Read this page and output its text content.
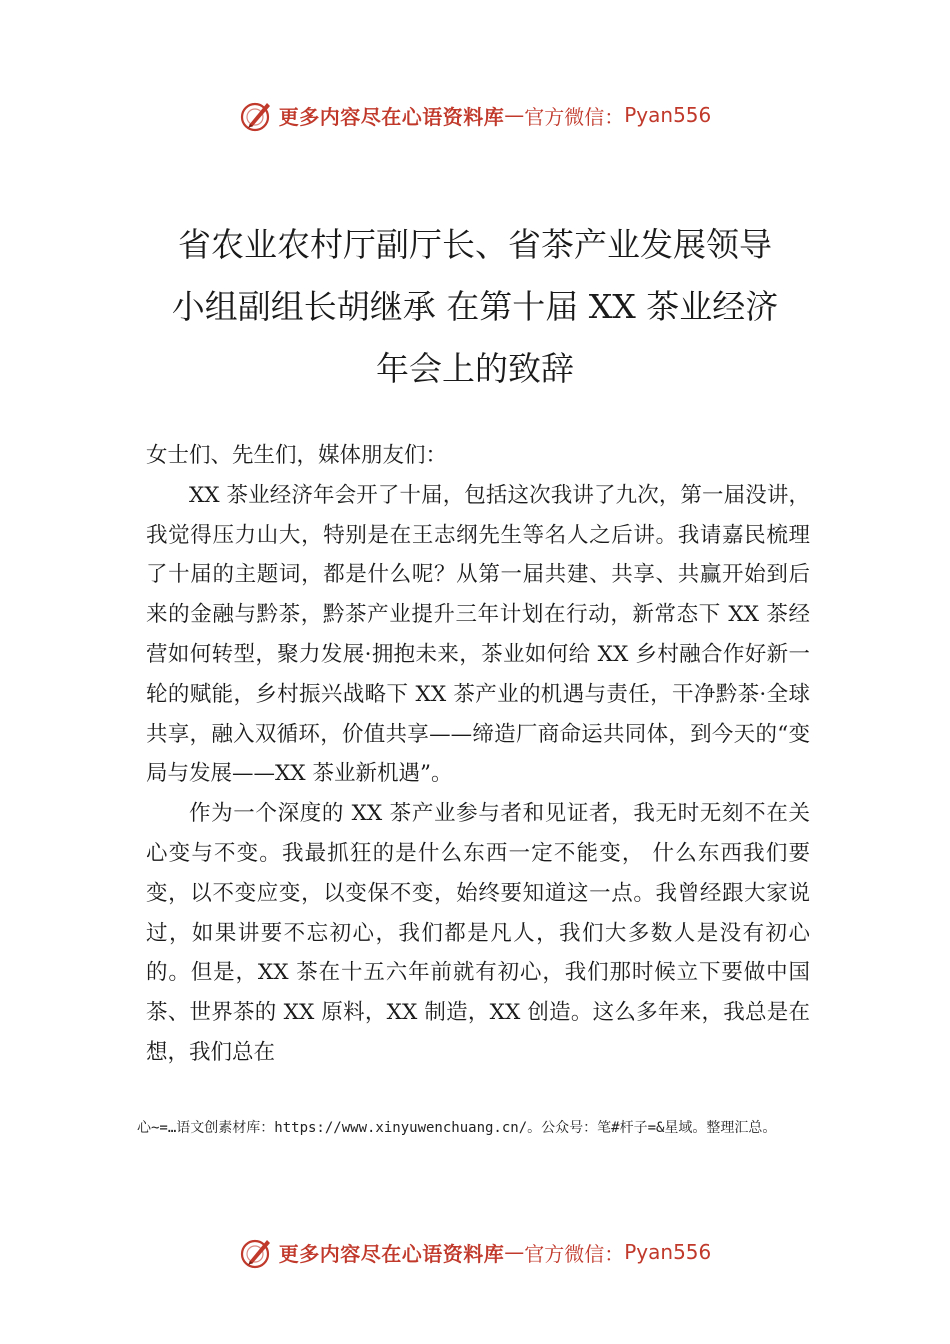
更多内容尽在心语资料库 — 官方微信： Pyan556
省农业农村厅副厅长、省茶产业发展领导
小组副组长胡继承 在第十届 XX 茶业经济
年会上的致辞
女士们、先生们，媒体朋友们：

XX 茶业经济年会开了十届，包括这次我讲了九次，第一届没讲，我觉得压力山大，特别是在王志纲先生等名人之后讲。我请嘉民梳理了十届的主题词，都是什么呢？从第一届共建、共享、共赢开始到后来的金融与黔茶，黔茶产业提升三年计划在行动，新常态下 XX 茶经营如何转型，聚力发展·拥抱未来，茶业如何给 XX 乡村融合作好新一轮的赋能，乡村振兴战略下 XX 茶产业的机遇与责任，干净黔茶·全球共享，融入双循环，价值共享——缔造厂商命运共同体，到今天的“变局与发展——XX 茶业新机遇”。

作为一个深度的 XX 茶产业参与者和见证者，我无时无刻不在关心变与不变。我最抓狂的是什么东西一定不能变， 什么东西我们要变，以不变应变，以变保不变，始终要知道这一点。我曾经跟大家说过，如果讲要不忘初心，我们都是凡人，我们大多数人是没有初心的。但是，XX 茶在十五六年前就有初心，我们那时候立下要做中国茶、世界茶的 XX 原料，XX 制造，XX 创造。这么多年来，我总是在想，我们总在

心~=…语文创素材库：https://www.xinyuwenchuang.cn/。公众号：笔#杆子=&星域。整理汇总。
更多内容尽在心语资料库 — 官方微信： Pyan556
